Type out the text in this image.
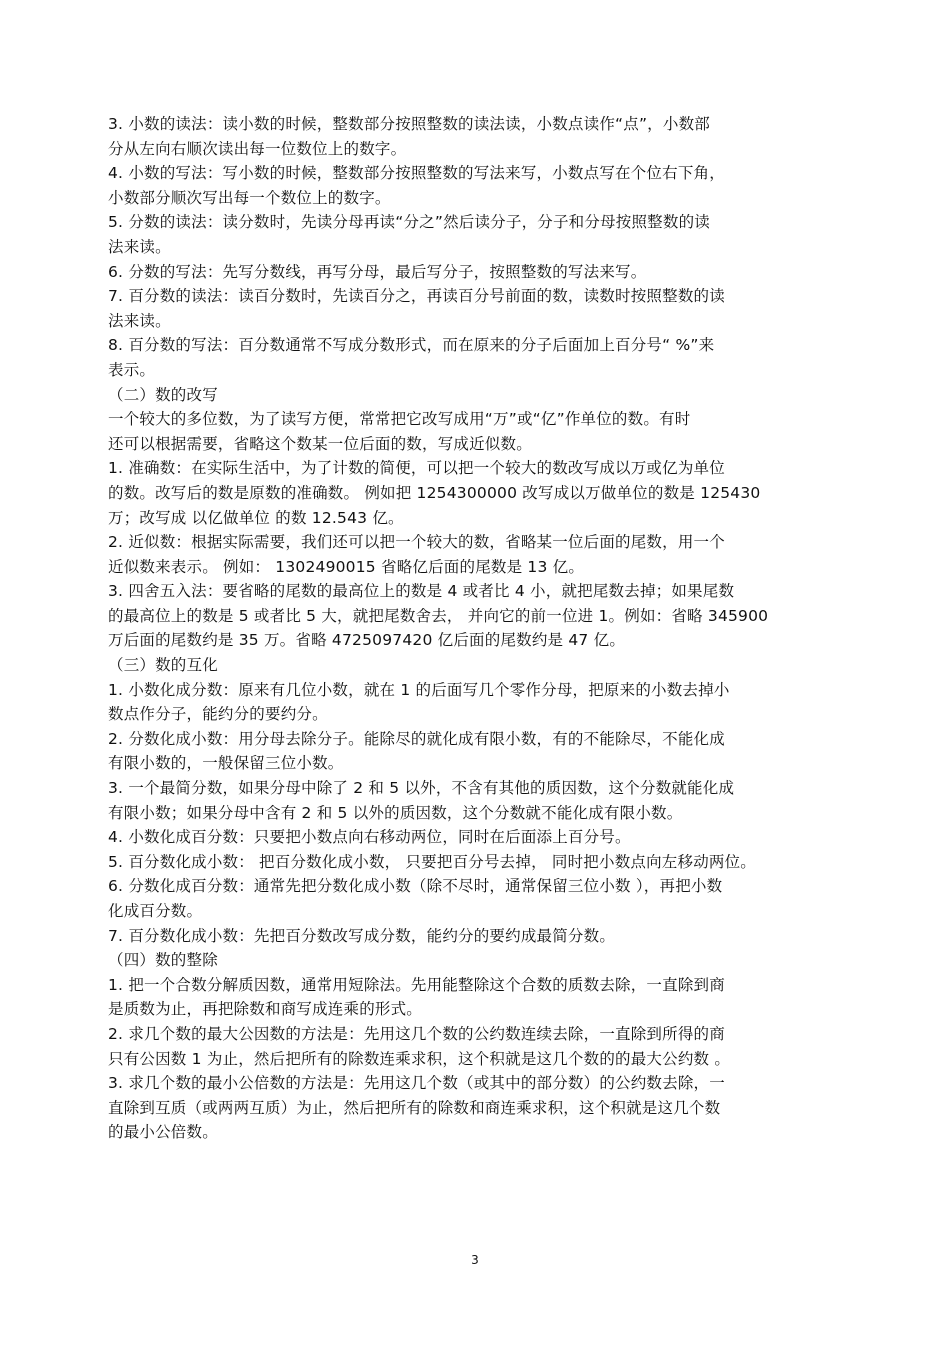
3. 小数的读法：读小数的时候，整数部分按照整数的读法读，小数点读作“点”，小数部
分从左向右顺次读出每一位数位上的数字。
4. 小数的写法：写小数的时候，整数部分按照整数的写法来写，小数点写在个位右下角，
小数部分顺次写出每一个数位上的数字。
5. 分数的读法：读分数时，先读分母再读“分之”然后读分子，分子和分母按照整数的读
法来读。
6. 分数的写法：先写分数线，再写分母，最后写分子，按照整数的写法来写。
7. 百分数的读法：读百分数时，先读百分之，再读百分号前面的数，读数时按照整数的读
法来读。
8. 百分数的写法：百分数通常不写成分数形式，而在原来的分子后面加上百分号“ %”来
表示。
（二）数的改写
一个较大的多位数，为了读写方便，常常把它改写成用“万”或“亿”作单位的数。有时
还可以根据需要，省略这个数某一位后面的数，写成近似数。
1. 准确数：在实际生活中，为了计数的简便，可以把一个较大的数改写成以万或亿为单位
的数。改写后的数是原数的准确数。 例如把 1254300000 改写成以万做单位的数是 125430
万；改写成 以亿做单位 的数 12.543 亿。
2. 近似数：根据实际需要，我们还可以把一个较大的数，省略某一位后面的尾数，用一个
近似数来表示。 例如： 1302490015 省略亿后面的尾数是 13 亿。
3. 四舍五入法：要省略的尾数的最高位上的数是 4 或者比 4 小，就把尾数去掉；如果尾数
的最高位上的数是 5 或者比 5 大，就把尾数舍去， 并向它的前一位进 1。例如：省略 345900
万后面的尾数约是 35 万。省略 4725097420 亿后面的尾数约是 47 亿。
（三）数的互化
1. 小数化成分数：原来有几位小数，就在 1 的后面写几个零作分母，把原来的小数去掉小
数点作分子，能约分的要约分。
2. 分数化成小数：用分母去除分子。能除尽的就化成有限小数，有的不能除尽，不能化成
有限小数的，一般保留三位小数。
3. 一个最简分数，如果分母中除了 2 和 5 以外，不含有其他的质因数，这个分数就能化成
有限小数；如果分母中含有 2 和 5 以外的质因数，这个分数就不能化成有限小数。
4. 小数化成百分数：只要把小数点向右移动两位，同时在后面添上百分号。
5. 百分数化成小数： 把百分数化成小数， 只要把百分号去掉， 同时把小数点向左移动两位。
6. 分数化成百分数：通常先把分数化成小数（除不尽时，通常保留三位小数 ），再把小数
化成百分数。
7. 百分数化成小数：先把百分数改写成分数，能约分的要约成最简分数。
（四）数的整除
1. 把一个合数分解质因数，通常用短除法。先用能整除这个合数的质数去除，一直除到商
是质数为止，再把除数和商写成连乘的形式。
2. 求几个数的最大公因数的方法是：先用这几个数的公约数连续去除，一直除到所得的商
只有公因数 1 为止，然后把所有的除数连乘求积，这个积就是这几个数的的最大公约数 。
3. 求几个数的最小公倍数的方法是：先用这几个数（或其中的部分数）的公约数去除，一
直除到互质（或两两互质）为止，然后把所有的除数和商连乘求积，这个积就是这几个数
的最小公倍数。
3
